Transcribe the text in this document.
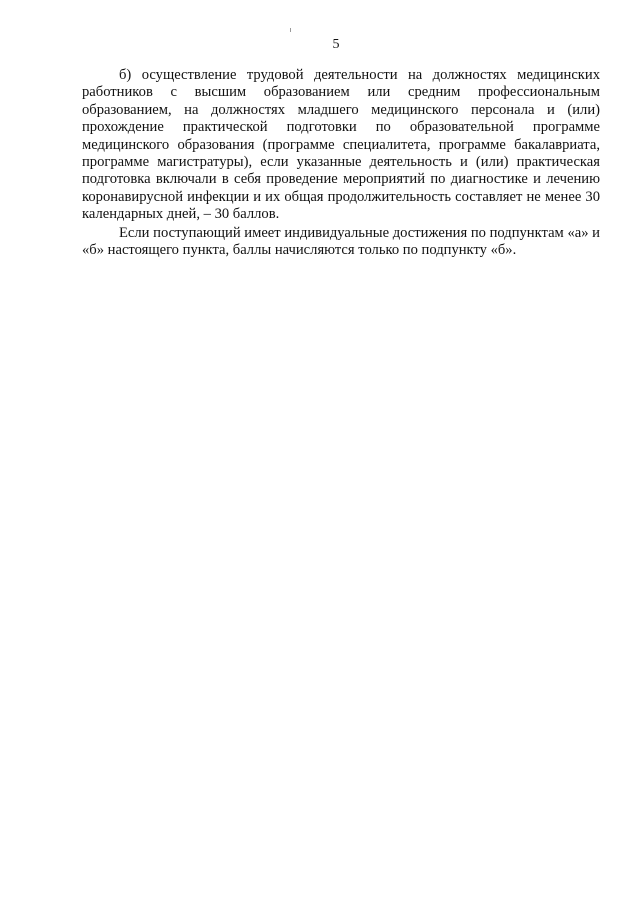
5

б) осуществление трудовой деятельности на должностях медицинских работников с высшим образованием или средним профессиональным образованием, на должностях младшего медицинского персонала и (или) прохождение практической подготовки по образовательной программе медицинского образования (программе специалитета, программе бакалавриата, программе магистратуры), если указанные деятельность и (или) практическая подготовка включали в себя проведение мероприятий по диагностике и лечению коронавирусной инфекции и их общая продолжительность составляет не менее 30 календарных дней, – 30 баллов.

Если поступающий имеет индивидуальные достижения по подпунктам «а» и «б» настоящего пункта, баллы начисляются только по подпункту «б».
